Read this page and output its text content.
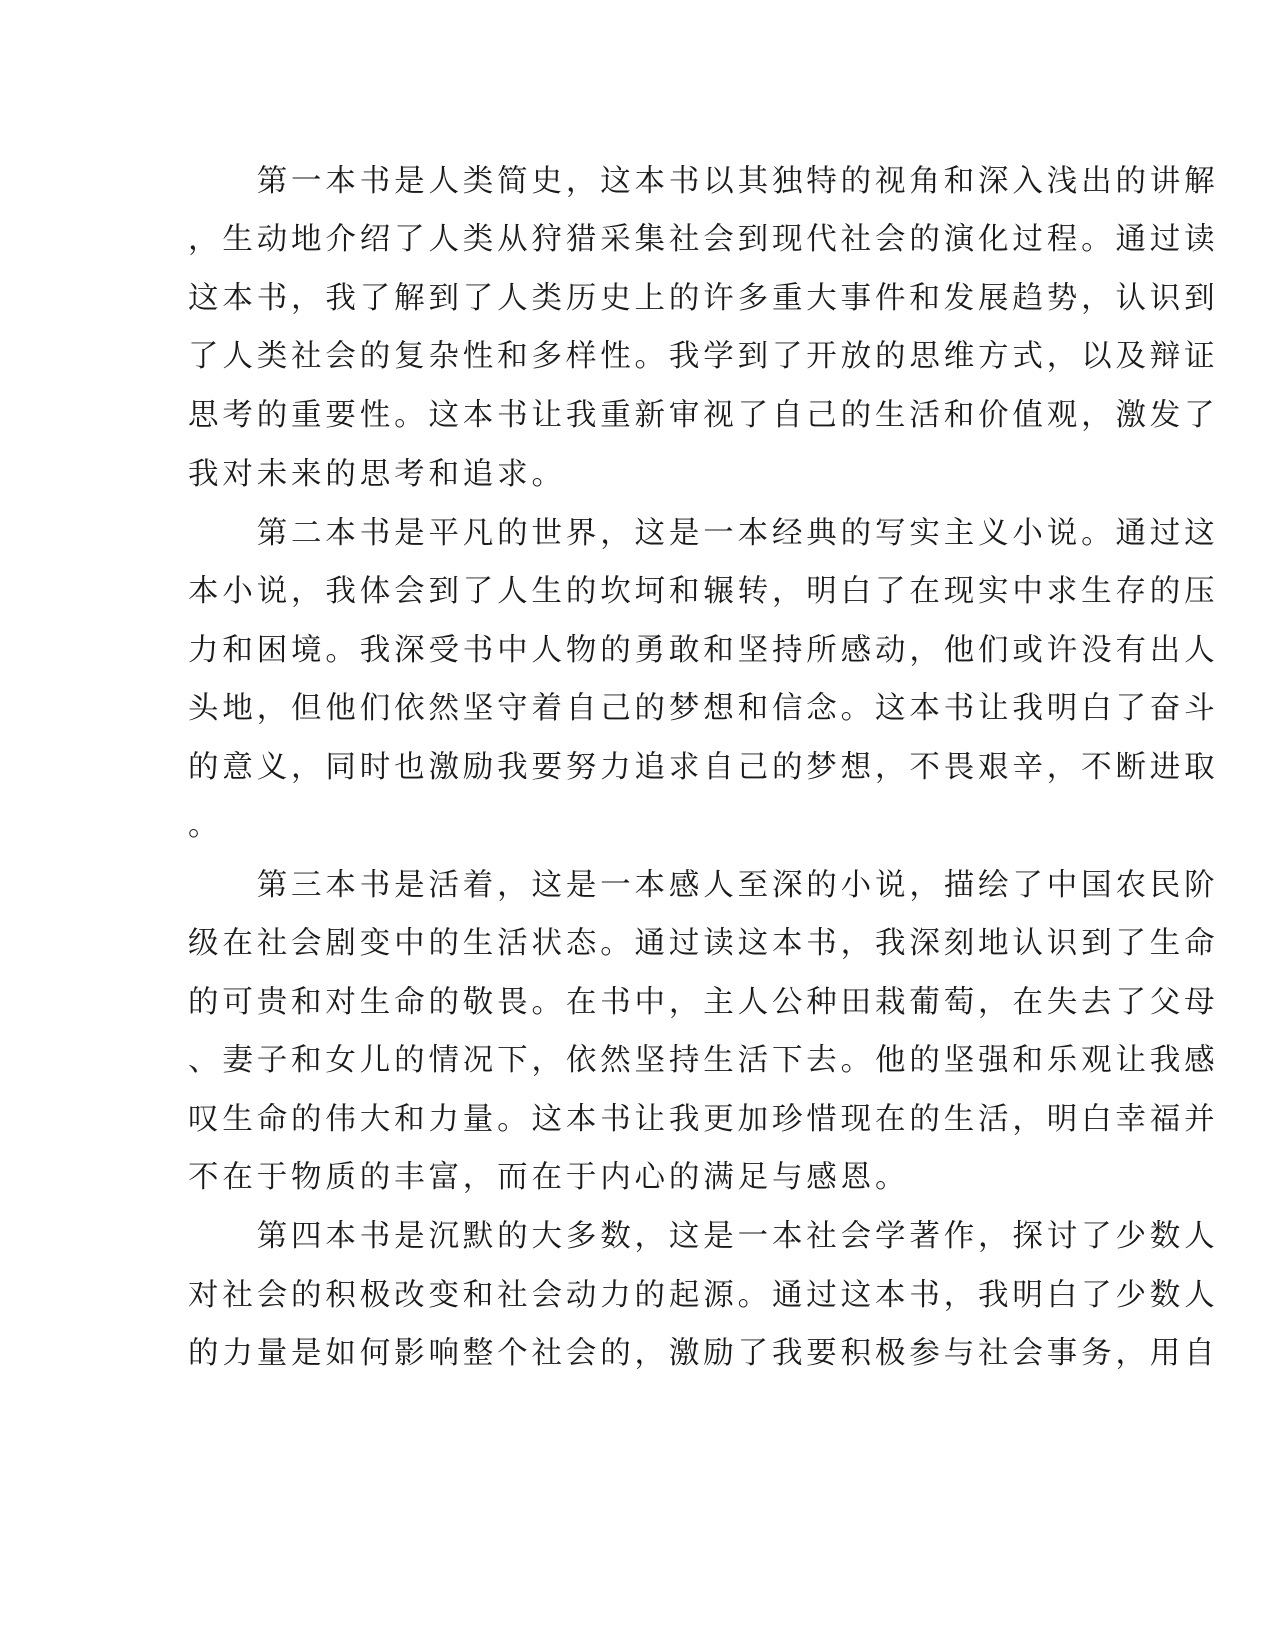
　　第一本书是人类简史，这本书以其独特的视角和深入浅出的讲解

，生动地介绍了人类从狩猎采集社会到现代社会的演化过程。通过读

这本书，我了解到了人类历史上的许多重大事件和发展趋势，认识到

了人类社会的复杂性和多样性。我学到了开放的思维方式，以及辩证

思考的重要性。这本书让我重新审视了自己的生活和价值观，激发了

我对未来的思考和追求。

　　第二本书是平凡的世界，这是一本经典的写实主义小说。通过这

本小说，我体会到了人生的坎坷和辗转，明白了在现实中求生存的压

力和困境。我深受书中人物的勇敢和坚持所感动，他们或许没有出人

头地，但他们依然坚守着自己的梦想和信念。这本书让我明白了奋斗

的意义，同时也激励我要努力追求自己的梦想，不畏艰辛，不断进取

。

　　第三本书是活着，这是一本感人至深的小说，描绘了中国农民阶

级在社会剧变中的生活状态。通过读这本书，我深刻地认识到了生命

的可贵和对生命的敬畏。在书中，主人公种田栽葡萄，在失去了父母

、妻子和女儿的情况下，依然坚持生活下去。他的坚强和乐观让我感

叹生命的伟大和力量。这本书让我更加珍惜现在的生活，明白幸福并

不在于物质的丰富，而在于内心的满足与感恩。

　　第四本书是沉默的大多数，这是一本社会学著作，探讨了少数人

对社会的积极改变和社会动力的起源。通过这本书，我明白了少数人

的力量是如何影响整个社会的，激励了我要积极参与社会事务，用自
